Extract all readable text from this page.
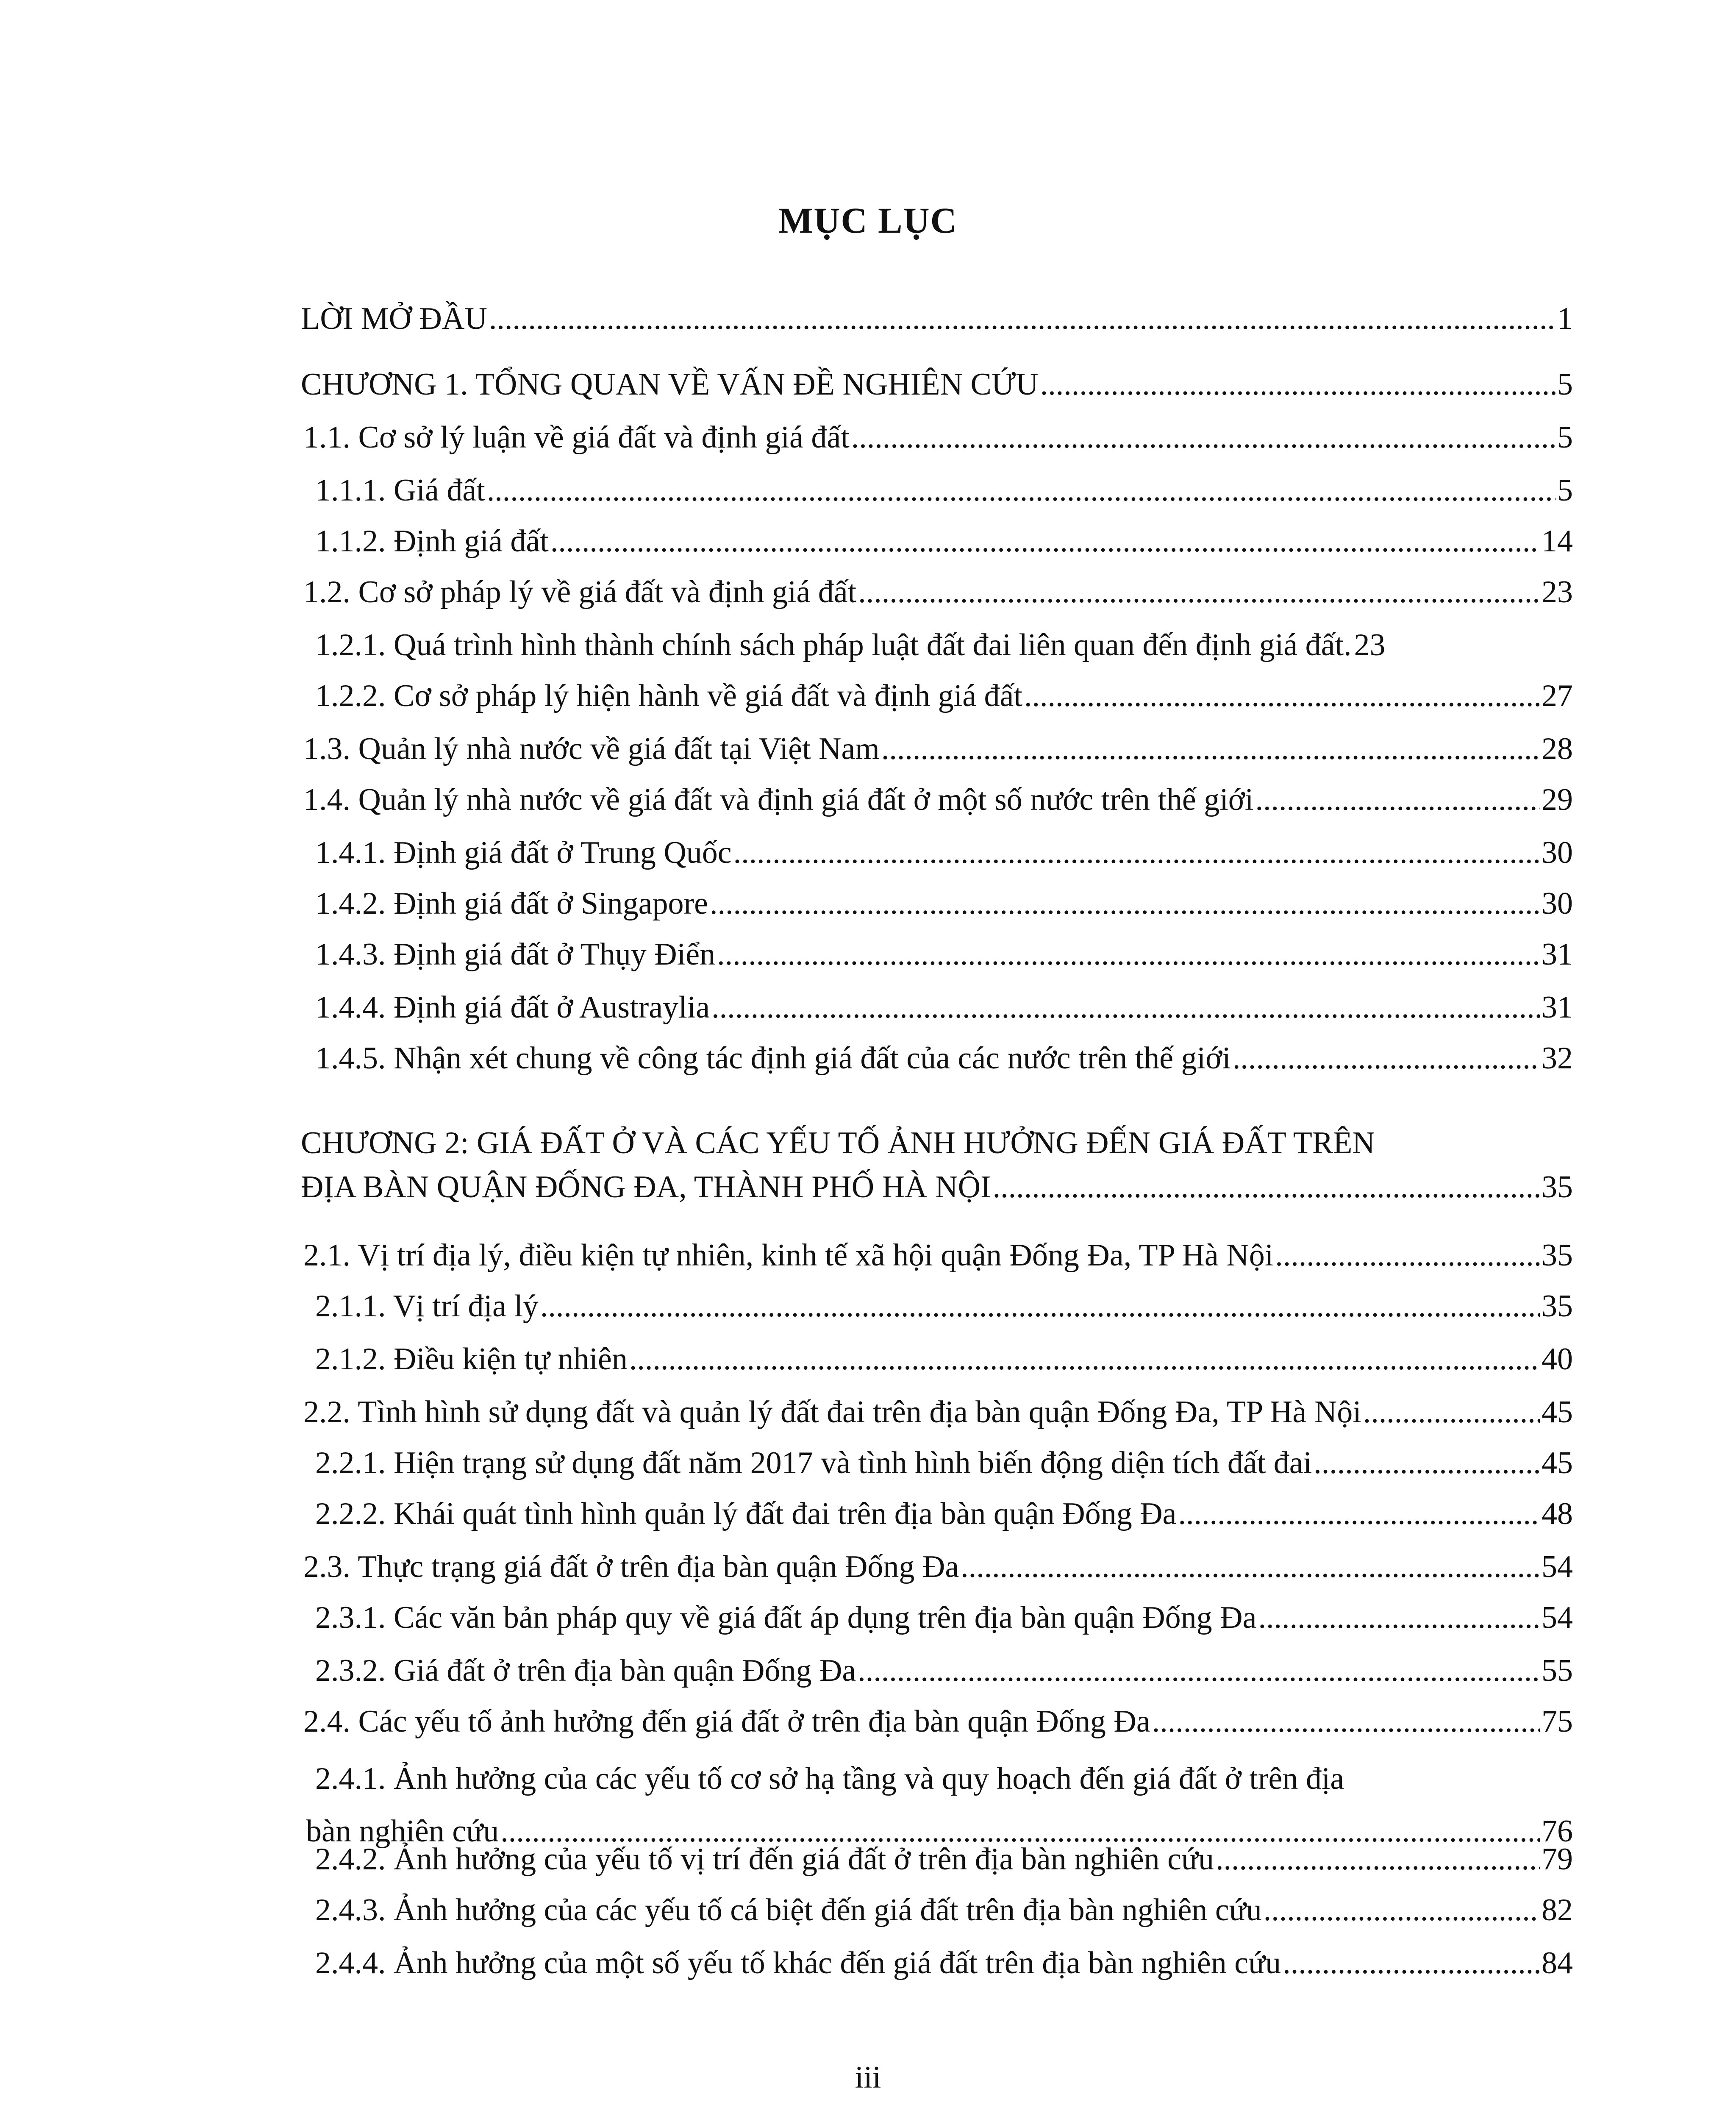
MỤC LỤC
LỜI MỞ ĐẦU .....	1
CHƯƠNG 1. TỔNG QUAN VỀ VẤN ĐỀ NGHIÊN CỨU .....	5
1.1. Cơ sở lý luận về giá đất và định giá đất .....	5
1.1.1. Giá đất .....	5
1.1.2. Định giá đất .....	14
1.2. Cơ sở pháp lý về giá đất và định giá đất .....	23
1.2.1. Quá trình hình thành chính sách pháp luật đất đai liên quan đến định giá đất. 23
1.2.2. Cơ sở pháp lý hiện hành về giá đất và định giá đất .....	27
1.3. Quản lý nhà nước về giá đất tại Việt Nam .....	28
1.4. Quản lý nhà nước về giá đất và định giá đất ở một số nước trên thế giới .....	29
1.4.1. Định giá đất ở Trung Quốc .....	30
1.4.2. Định giá đất ở Singapore .....	30
1.4.3. Định giá đất ở Thụy Điển .....	31
1.4.4. Định giá đất ở Austraylia .....	31
1.4.5. Nhận xét chung về công tác định giá đất của các nước trên thế giới .....	32
CHƯƠNG 2: GIÁ ĐẤT Ở VÀ CÁC YẾU TỐ ẢNH HƯỞNG ĐẾN GIÁ ĐẤT TRÊN
ĐỊA BÀN QUẬN ĐỐNG ĐA, THÀNH PHỐ HÀ NỘI .....	35
2.1. Vị trí địa lý, điều kiện tự nhiên, kinh tế xã hội quận Đống Đa, TP Hà Nội .....	35
2.1.1. Vị trí địa lý .....	35
2.1.2. Điều kiện tự nhiên .....	40
2.2. Tình hình sử dụng đất và quản lý đất đai trên địa bàn quận Đống Đa, TP Hà Nội .....	45
2.2.1. Hiện trạng sử dụng đất năm 2017 và tình hình biến động diện tích đất đai .....	45
2.2.2. Khái quát tình hình quản lý đất đai trên địa bàn quận Đống Đa .....	48
2.3. Thực trạng giá đất ở trên địa bàn quận Đống Đa .....	54
2.3.1. Các văn bản pháp quy về giá đất áp dụng trên địa bàn quận Đống Đa .....	54
2.3.2. Giá đất ở trên địa bàn quận Đống Đa .....	55
2.4. Các yếu tố ảnh hưởng đến giá đất ở trên địa bàn quận Đống Đa .....	75
2.4.1. Ảnh hưởng của các yếu tố cơ sở hạ tầng và quy hoạch đến giá đất ở trên địa
bàn nghiên cứu .....	76
2.4.2. Ảnh hưởng của yếu tố vị trí đến giá đất ở trên địa bàn nghiên cứu .....	79
2.4.3. Ảnh hưởng của các yếu tố cá biệt đến giá đất trên địa bàn nghiên cứu .....	82
2.4.4. Ảnh hưởng của một số yếu tố khác đến giá đất trên địa bàn nghiên cứu .....	84
iii
